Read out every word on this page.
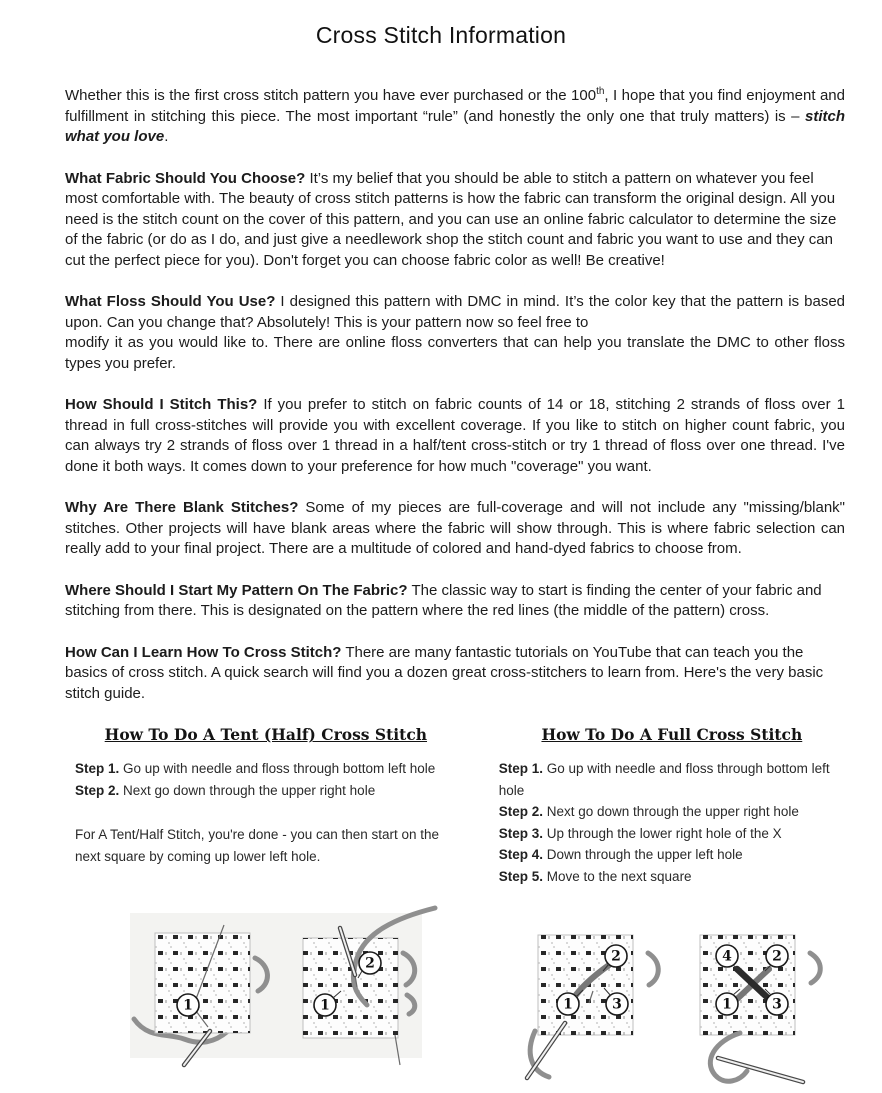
Cross Stitch Information

Whether this is the first cross stitch pattern you have ever purchased or the 100th, I hope that you find enjoyment and fulfillment in stitching this piece. The most important “rule” (and honestly the only one that truly matters) is – stitch what you love.

What Fabric Should You Choose? It’s my belief that you should be able to stitch a pattern on whatever you feel most comfortable with. The beauty of cross stitch patterns is how the fabric can transform the original design. All you need is the stitch count on the cover of this pattern, and you can use an online fabric calculator to determine the size of the fabric (or do as I do, and just give a needlework shop the stitch count and fabric you want to use and they can cut the perfect piece for you). Don't forget you can choose fabric color as well! Be creative!

What Floss Should You Use? I designed this pattern with DMC in mind. It’s the color key that the pattern is based upon. Can you change that? Absolutely! This is your pattern now so feel free to
modify it as you would like to. There are online floss converters that can help you translate the DMC to other floss types you prefer.

How Should I Stitch This? If you prefer to stitch on fabric counts of 14 or 18, stitching 2 strands of floss over 1 thread in full cross-stitches will provide you with excellent coverage. If you like to stitch on higher count fabric, you can always try 2 strands of floss over 1 thread in a half/tent cross-stitch or try 1 thread of floss over one thread. I've done it both ways. It comes down to your preference for how much "coverage" you want.

Why Are There Blank Stitches? Some of my pieces are full-coverage and will not include any "missing/blank" stitches. Other projects will have blank areas where the fabric will show through. This is where fabric selection can really add to your final project. There are a multitude of colored and hand-dyed fabrics to choose from.

Where Should I Start My Pattern On The Fabric? The classic way to start is finding the center of your fabric and stitching from there. This is designated on the pattern where the red lines (the middle of the pattern) cross.

How Can I Learn How To Cross Stitch? There are many fantastic tutorials on YouTube that can teach you the basics of cross stitch. A quick search will find you a dozen great cross-stitchers to learn from. Here's the very basic stitch guide.

How To Do A Tent (Half) Cross Stitch
Step 1. Go up with needle and floss through bottom left hole
Step 2. Next go down through the upper right hole
For A Tent/Half Stitch, you're done - you can then start on the next square by coming up lower left hole.
How To Do A Full Cross Stitch
Step 1. Go up with needle and floss through bottom left hole
Step 2. Next go down through the upper right hole
Step 3. Up through the lower right hole of the X
Step 4. Down through the upper left hole
Step 5. Move to the next square
1
2
1
2
1	3
4	2
1	3
